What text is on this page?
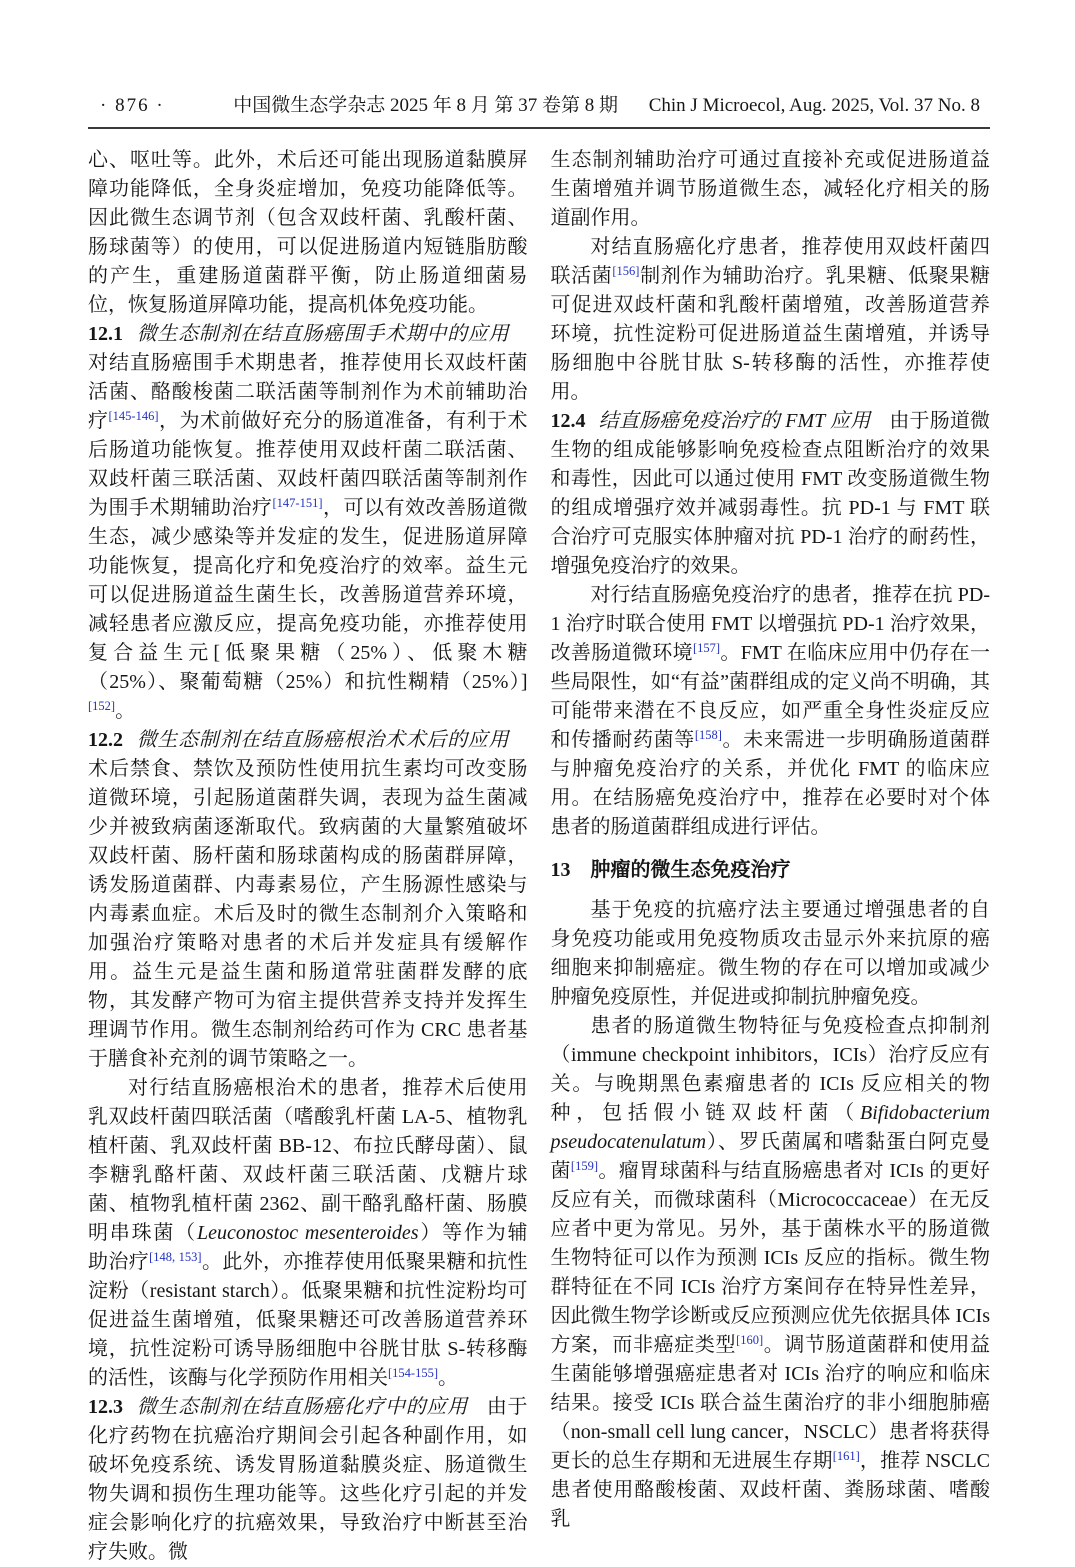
· 876 ·	中国微生态学杂志 2025 年 8 月 第 37 卷第 8 期 Chin J Microecol, Aug. 2025, Vol. 37 No. 8
心、呕吐等。此外，术后还可能出现肠道黏膜屏障功能降低，全身炎症增加，免疫功能降低等。因此微生态调节剂（包含双歧杆菌、乳酸杆菌、肠球菌等）的使用，可以促进肠道内短链脂肪酸的产生，重建肠道菌群平衡，防止肠道细菌易位，恢复肠道屏障功能，提高机体免疫功能。
12.1 微生态制剂在结直肠癌围手术期中的应用对结直肠癌围手术期患者，推荐使用长双歧杆菌活菌、酪酸梭菌二联活菌等制剂作为术前辅助治疗[145-146]，为术前做好充分的肠道准备，有利于术后肠道功能恢复。推荐使用双歧杆菌二联活菌、双歧杆菌三联活菌、双歧杆菌四联活菌等制剂作为围手术期辅助治疗[147-151]，可以有效改善肠道微生态，减少感染等并发症的发生，促进肠道屏障功能恢复，提高化疗和免疫治疗的效率。益生元可以促进肠道益生菌生长，改善肠道营养环境，减轻患者应激反应，提高免疫功能，亦推荐使用复合益生元[低聚果糖（25%）、低聚木糖（25%）、聚葡萄糖（25%）和抗性糊精（25%）][152]。
12.2 微生态制剂在结直肠癌根治术术后的应用术后禁食、禁饮及预防性使用抗生素均可改变肠道微环境，引起肠道菌群失调，表现为益生菌减少并被致病菌逐渐取代。致病菌的大量繁殖破坏双歧杆菌、肠杆菌和肠球菌构成的肠菌群屏障，诱发肠道菌群、内毒素易位，产生肠源性感染与内毒素血症。术后及时的微生态制剂介入策略和加强治疗策略对患者的术后并发症具有缓解作用。益生元是益生菌和肠道常驻菌群发酵的底物，其发酵产物可为宿主提供营养支持并发挥生理调节作用。微生态制剂给药可作为 CRC 患者基于膳食补充剂的调节策略之一。
对行结直肠癌根治术的患者，推荐术后使用乳双歧杆菌四联活菌（嗜酸乳杆菌 LA-5、植物乳植杆菌、乳双歧杆菌 BB-12、布拉氏酵母菌）、鼠李糖乳酪杆菌、双歧杆菌三联活菌、戊糖片球菌、植物乳植杆菌 2362、副干酪乳酪杆菌、肠膜明串珠菌（Leuconostoc mesenteroides）等作为辅助治疗[148, 153]。此外，亦推荐使用低聚果糖和抗性淀粉（resistant starch）。低聚果糖和抗性淀粉均可促进益生菌增殖，低聚果糖还可改善肠道营养环境，抗性淀粉可诱导肠细胞中谷胱甘肽 S-转移酶的活性，该酶与化学预防作用相关[154-155]。
12.3 微生态制剂在结直肠癌化疗中的应用 由于化疗药物在抗癌治疗期间会引起各种副作用，如破坏免疫系统、诱发胃肠道黏膜炎症、肠道微生物失调和损伤生理功能等。这些化疗引起的并发症会影响化疗的抗癌效果，导致治疗中断甚至治疗失败。微
生态制剂辅助治疗可通过直接补充或促进肠道益生菌增殖并调节肠道微生态，减轻化疗相关的肠道副作用。
对结直肠癌化疗患者，推荐使用双歧杆菌四联活菌[156]制剂作为辅助治疗。乳果糖、低聚果糖可促进双歧杆菌和乳酸杆菌增殖，改善肠道营养环境，抗性淀粉可促进肠道益生菌增殖，并诱导肠细胞中谷胱甘肽 S-转移酶的活性，亦推荐使用。
12.4 结直肠癌免疫治疗的 FMT 应用 由于肠道微生物的组成能够影响免疫检查点阻断治疗的效果和毒性，因此可以通过使用 FMT 改变肠道微生物的组成增强疗效并减弱毒性。抗 PD-1 与 FMT 联合治疗可克服实体肿瘤对抗 PD-1 治疗的耐药性，增强免疫治疗的效果。
对行结直肠癌免疫治疗的患者，推荐在抗 PD-1 治疗时联合使用 FMT 以增强抗 PD-1 治疗效果，改善肠道微环境[157]。FMT 在临床应用中仍存在一些局限性，如“有益”菌群组成的定义尚不明确，其可能带来潜在不良反应，如严重全身性炎症反应和传播耐药菌等[158]。未来需进一步明确肠道菌群与肿瘤免疫治疗的关系，并优化 FMT 的临床应用。在结肠癌免疫治疗中，推荐在必要时对个体患者的肠道菌群组成进行评估。
13 肿瘤的微生态免疫治疗
基于免疫的抗癌疗法主要通过增强患者的自身免疫功能或用免疫物质攻击显示外来抗原的癌细胞来抑制癌症。微生物的存在可以增加或减少肿瘤免疫原性，并促进或抑制抗肿瘤免疫。
患者的肠道微生物特征与免疫检查点抑制剂（immune checkpoint inhibitors，ICIs）治疗反应有关。与晚期黑色素瘤患者的 ICIs 反应相关的物种，包括假小链双歧杆菌（Bifidobacterium pseudocatenulatum）、罗氏菌属和嗜黏蛋白阿克曼菌[159]。瘤胃球菌科与结直肠癌患者对 ICIs 的更好反应有关，而微球菌科（Micrococcaceae）在无反应者中更为常见。另外，基于菌株水平的肠道微生物特征可以作为预测 ICIs 反应的指标。微生物群特征在不同 ICIs 治疗方案间存在特异性差异，因此微生物学诊断或反应预测应优先依据具体 ICIs 方案，而非癌症类型[160]。调节肠道菌群和使用益生菌能够增强癌症患者对 ICIs 治疗的响应和临床结果。接受 ICIs 联合益生菌治疗的非小细胞肺癌（non-small cell lung cancer，NSCLC）患者将获得更长的总生存期和无进展生存期[161]，推荐 NSCLC 患者使用酪酸梭菌、双歧杆菌、粪肠球菌、嗜酸乳
